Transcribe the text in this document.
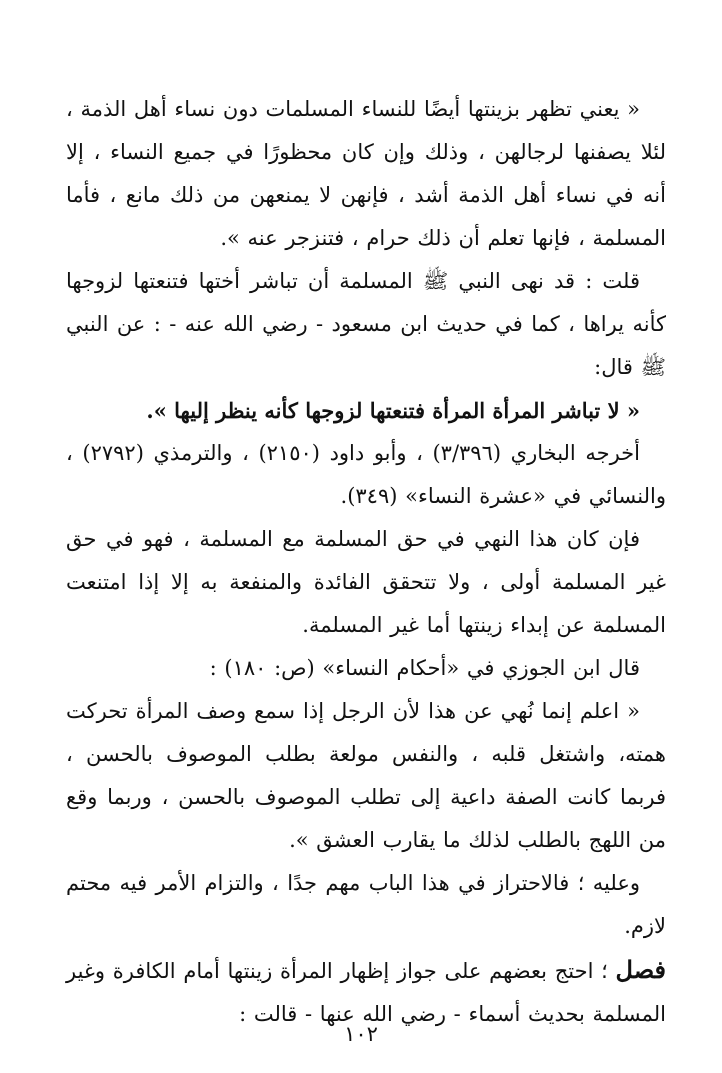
« يعني تظهر بزينتها أيضًا للنساء المسلمات دون نساء أهل الذمة ، لئلا يصفنها لرجالهن ، وذلك وإن كان محظورًا في جميع النساء ، إلا أنه في نساء أهل الذمة أشد ، فإنهن لا يمنعهن من ذلك مانع ، فأما المسلمة ، فإنها تعلم أن ذلك حرام ، فتنزجر عنه ».

قلت : قد نهى النبي ﷺ المسلمة أن تباشر أختها فتنعتها لزوجها كأنه يراها ، كما في حديث ابن مسعود - رضي الله عنه - : عن النبي ﷺ قال:

« لا تباشر المرأة المرأة فتنعتها لزوجها كأنه ينظر إليها ».

أخرجه البخاري (٣/٣٩٦) ، وأبو داود (٢١٥٠) ، والترمذي (٢٧٩٢) ، والنسائي في «عشرة النساء» (٣٤٩).

فإن كان هذا النهي في حق المسلمة مع المسلمة ، فهو في حق غير المسلمة أولى ، ولا تتحقق الفائدة والمنفعة به إلا إذا امتنعت المسلمة عن إبداء زينتها أما غير المسلمة.

قال ابن الجوزي في «أحكام النساء» (ص: ١٨٠) :

« اعلم إنما نُهي عن هذا لأن الرجل إذا سمع وصف المرأة تحركت همته، واشتغل قلبه ، والنفس مولعة بطلب الموصوف بالحسن ، فربما كانت الصفة داعية إلى تطلب الموصوف بالحسن ، وربما وقع من اللهج بالطلب لذلك ما يقارب العشق ».

وعليه ؛ فالاحتراز في هذا الباب مهم جدًا ، والتزام الأمر فيه محتم لازم.

فصل ؛ احتج بعضهم على جواز إظهار المرأة زينتها أمام الكافرة وغير المسلمة بحديث أسماء - رضي الله عنها - قالت :

١٠٢
